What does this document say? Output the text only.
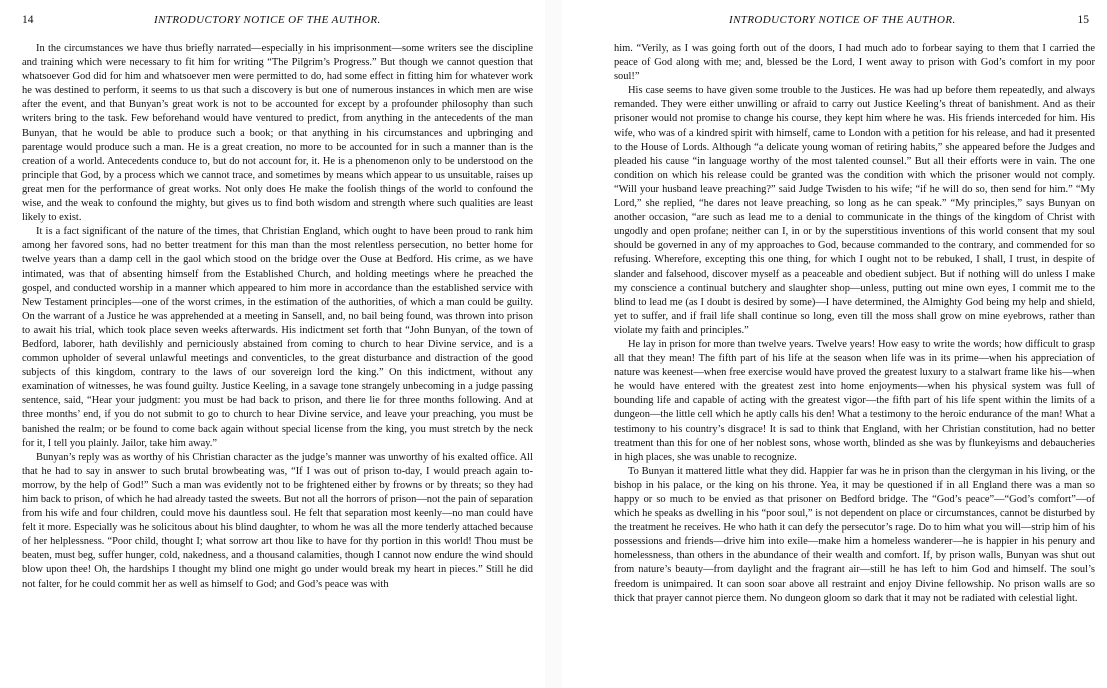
14	INTRODUCTORY NOTICE OF THE AUTHOR.

In the circumstances we have thus briefly narrated—especially in his imprisonment—some writers see the discipline and training which were necessary to fit him for writing “The Pilgrim’s Progress.” But though we cannot question that whatsoever God did for him and whatsoever men were permitted to do, had some effect in fitting him for whatever work he was destined to perform, it seems to us that such a discovery is but one of numerous instances in which men are wise after the event, and that Bunyan’s great work is not to be accounted for except by a profounder philosophy than such writers bring to the task. Few beforehand would have ventured to predict, from anything in the antecedents of the man Bunyan, that he would be able to produce such a book; or that anything in his circumstances and upbringing and parentage would produce such a man. He is a great creation, no more to be accounted for in such a manner than is the creation of a world. Antecedents conduce to, but do not account for, it. He is a phenomenon only to be understood on the principle that God, by a process which we cannot trace, and sometimes by means which appear to us unsuitable, raises up great men for the performance of great works. Not only does He make the foolish things of the world to confound the wise, and the weak to confound the mighty, but gives us to find both wisdom and strength where such qualities are least likely to exist.

It is a fact significant of the nature of the times, that Christian England, which ought to have been proud to rank him among her favored sons, had no better treatment for this man than the most relentless persecution, no better home for twelve years than a damp cell in the gaol which stood on the bridge over the Ouse at Bedford. His crime, as we have intimated, was that of absenting himself from the Established Church, and holding meetings where he preached the gospel, and conducted worship in a manner which appeared to him more in accordance than the established service with New Testament principles—one of the worst crimes, in the estimation of the authorities, of which a man could be guilty. On the warrant of a Justice he was apprehended at a meeting in Sansell, and, no bail being found, was thrown into prison to await his trial, which took place seven weeks afterwards. His indictment set forth that “John Bunyan, of the town of Bedford, laborer, hath devilishly and perniciously abstained from coming to church to hear Divine service, and is a common upholder of several unlawful meetings and conventicles, to the great disturbance and distraction of the good subjects of this kingdom, contrary to the laws of our sovereign lord the king.” On this indictment, without any examination of witnesses, he was found guilty. Justice Keeling, in a savage tone strangely unbecoming in a judge passing sentence, said, “Hear your judgment: you must be had back to prison, and there lie for three months following. And at three months’ end, if you do not submit to go to church to hear Divine service, and leave your preaching, you must be banished the realm; or be found to come back again without special license from the king, you must stretch by the neck for it, I tell you plainly. Jailor, take him away.”

Bunyan’s reply was as worthy of his Christian character as the judge’s manner was unworthy of his exalted office. All that he had to say in answer to such brutal browbeating was, “If I was out of prison to-day, I would preach again to-morrow, by the help of God!” Such a man was evidently not to be frightened either by frowns or by threats; so they had him back to prison, of which he had already tasted the sweets. But not all the horrors of prison—not the pain of separation from his wife and four children, could move his dauntless soul. He felt that separation most keenly—no man could have felt it more. Especially was he solicitous about his blind daughter, to whom he was all the more tenderly attached because of her helplessness. “Poor child, thought I; what sorrow art thou like to have for thy portion in this world! Thou must be beaten, must beg, suffer hunger, cold, nakedness, and a thousand calamities, though I cannot now endure the wind should blow upon thee! Oh, the hardships I thought my blind one might go under would break my heart in pieces.” Still he did not falter, for he could commit her as well as himself to God; and God’s peace was with

INTRODUCTORY NOTICE OF THE AUTHOR.	15

him. “Verily, as I was going forth out of the doors, I had much ado to forbear saying to them that I carried the peace of God along with me; and, blessed be the Lord, I went away to prison with God’s comfort in my poor soul!”

His case seems to have given some trouble to the Justices. He was had up before them repeatedly, and always remanded. They were either unwilling or afraid to carry out Justice Keeling’s threat of banishment. And as their prisoner would not promise to change his course, they kept him where he was. His friends interceded for him. His wife, who was of a kindred spirit with himself, came to London with a petition for his release, and had it presented to the House of Lords. Although “a delicate young woman of retiring habits,” she appeared before the Judges and pleaded his cause “in language worthy of the most talented counsel.” But all their efforts were in vain. The one condition on which his release could be granted was the condition with which the prisoner would not comply. “Will your husband leave preaching?” said Judge Twisden to his wife; “if he will do so, then send for him.” “My Lord,” she replied, “he dares not leave preaching, so long as he can speak.” “My principles,” says Bunyan on another occasion, “are such as lead me to a denial to communicate in the things of the kingdom of Christ with ungodly and open profane; neither can I, in or by the superstitious inventions of this world consent that my soul should be governed in any of my approaches to God, because commanded to the contrary, and commended for so refusing. Wherefore, excepting this one thing, for which I ought not to be rebuked, I shall, I trust, in despite of slander and falsehood, discover myself as a peaceable and obedient subject. But if nothing will do unless I make my conscience a continual butchery and slaughter shop—unless, putting out mine own eyes, I commit me to the blind to lead me (as I doubt is desired by some)—I have determined, the Almighty God being my help and shield, yet to suffer, and if frail life shall continue so long, even till the moss shall grow on mine eyebrows, rather than violate my faith and principles.”

He lay in prison for more than twelve years. Twelve years! How easy to write the words; how difficult to grasp all that they mean! The fifth part of his life at the season when life was in its prime—when his appreciation of nature was keenest—when free exercise would have proved the greatest luxury to a stalwart frame like his—when he would have entered with the greatest zest into home enjoyments—when his physical system was full of bounding life and capable of acting with the greatest vigor—the fifth part of his life spent within the limits of a dungeon—the little cell which he aptly calls his den! What a testimony to the heroic endurance of the man! What a testimony to his country’s disgrace! It is sad to think that England, with her Christian constitution, had no better treatment than this for one of her noblest sons, whose worth, blinded as she was by flunkeyisms and debaucheries in high places, she was unable to recognize.

To Bunyan it mattered little what they did. Happier far was he in prison than the clergyman in his living, or the bishop in his palace, or the king on his throne. Yea, it may be questioned if in all England there was a man so happy or so much to be envied as that prisoner on Bedford bridge. The “God’s peace”—“God’s comfort”—of which he speaks as dwelling in his “poor soul,” is not dependent on place or circumstances, cannot be disturbed by the treatment he receives. He who hath it can defy the persecutor’s rage. Do to him what you will—strip him of his possessions and friends—drive him into exile—make him a homeless wanderer—he is happier in his penury and homelessness, than others in the abundance of their wealth and comfort. If, by prison walls, Bunyan was shut out from nature’s beauty—from daylight and the fragrant air—still he has left to him God and himself. The soul’s freedom is unimpaired. It can soon soar above all restraint and enjoy Divine fellowship. No prison walls are so thick that prayer cannot pierce them. No dungeon gloom so dark that it may not be radiated with celestial light.
